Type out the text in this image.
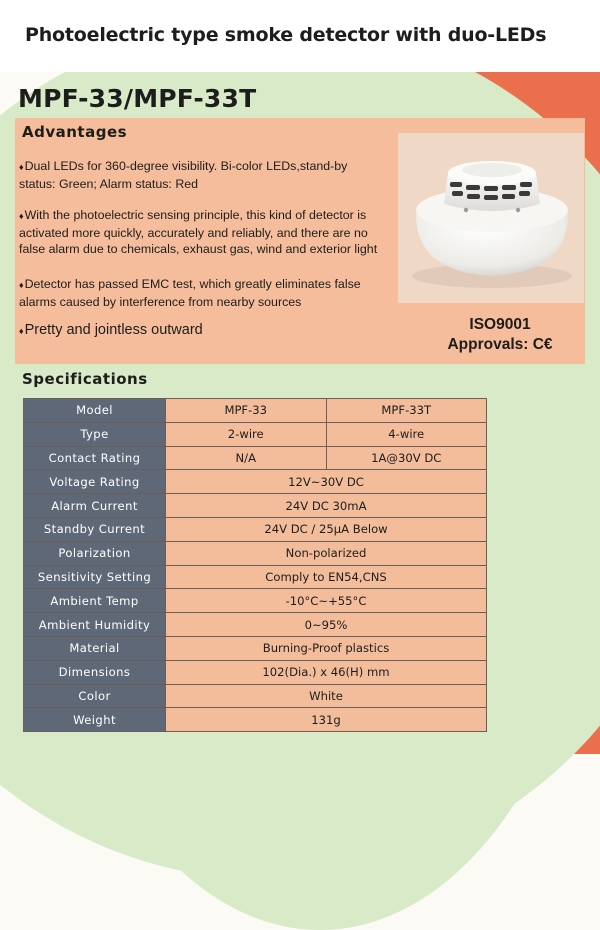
Photoelectric type smoke detector with duo-LEDs
MPF-33/MPF-33T
Advantages
♦Dual LEDs for 360-degree visibility. Bi-color LEDs,stand-by
status: Green; Alarm status: Red
♦With the photoelectric sensing principle, this kind of detector is
activated more quickly, accurately and reliably, and there are no
false alarm due to chemicals, exhaust gas, wind and exterior light
♦Detector has passed EMC test, which greatly eliminates false
alarms caused by interference from nearby sources
♦Pretty and jointless outward	ISO9001
Approvals: C€
Specifications
Model	MPF-33	MPF-33T
Type	2-wire	4-wire
Contact Rating	N/A	1A@30V DC
Voltage Rating	12V~30V DC	
Alarm Current	24V DC 30mA	
Standby Current	24V DC / 25μA Below	
Polarization	Non-polarized	
Sensitivity Setting	Comply to EN54,CNS	
Ambient Temp	-10°C~+55°C	
Ambient Humidity	0~95%	
Material	Burning-Proof plastics	
Dimensions	102(Dia.) x 46(H) mm	
Color	White	
Weight	131g	
